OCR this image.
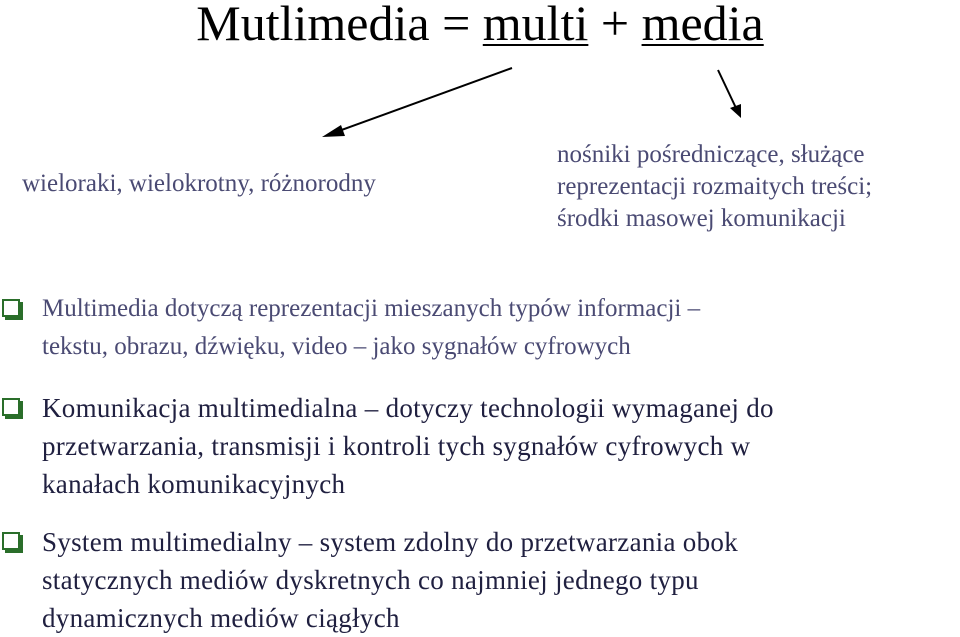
Mutlimedia = multi + media
wieloraki, wielokrotny, różnorodny
nośniki pośredniczące, służące
reprezentacji rozmaitych treści;
środki masowej komunikacji
Multimedia dotyczą reprezentacji mieszanych typów informacji –
tekstu, obrazu, dźwięku, video – jako sygnałów cyfrowych
Komunikacja multimedialna – dotyczy technologii wymaganej do
przetwarzania, transmisji i kontroli tych sygnałów cyfrowych w
kanałach komunikacyjnych
System multimedialny – system zdolny do przetwarzania obok
statycznych mediów dyskretnych co najmniej jednego typu
dynamicznych mediów ciągłych
